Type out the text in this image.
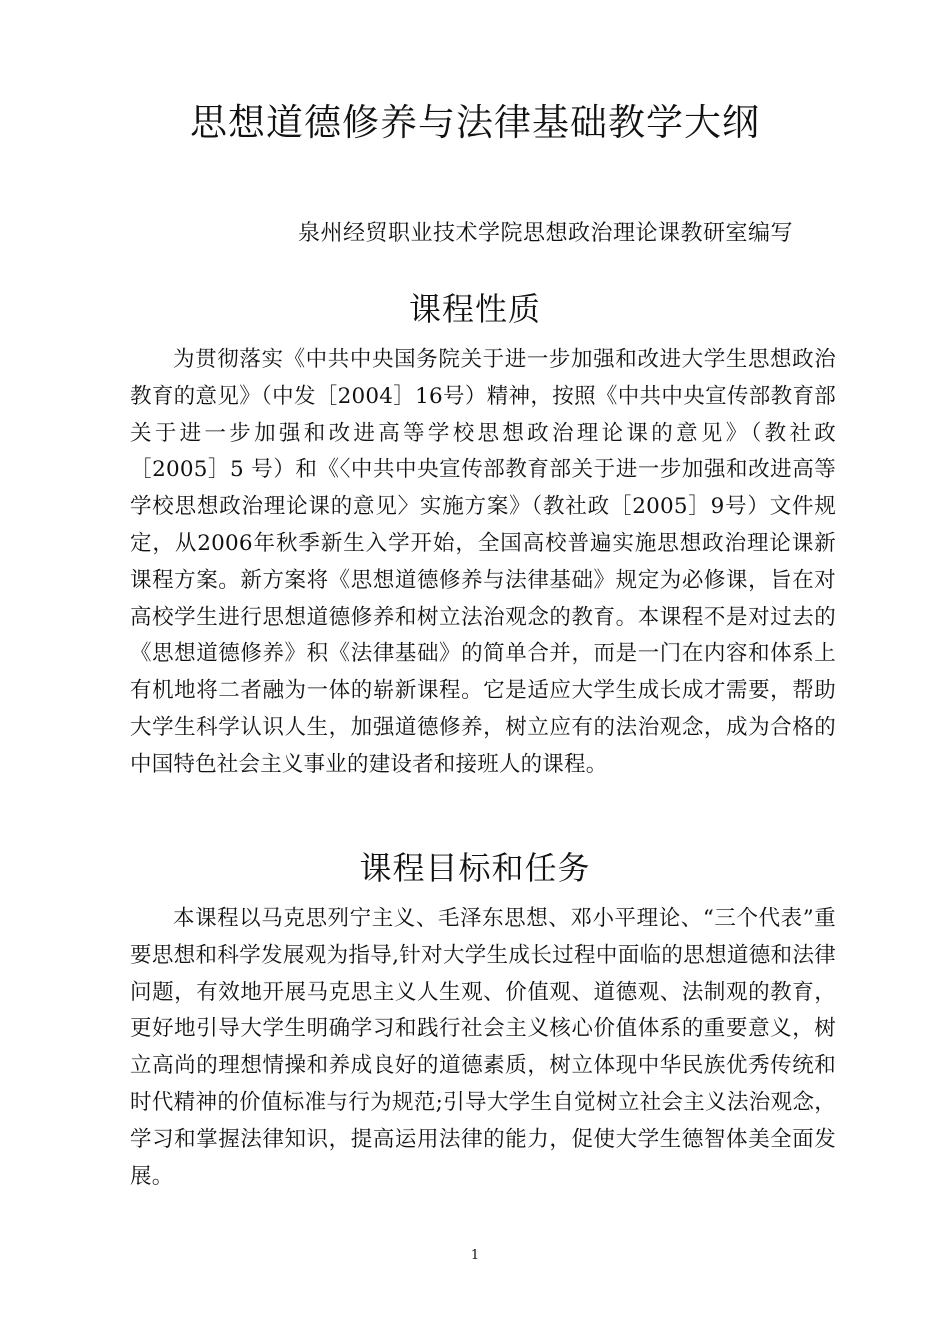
思想道德修养与法律基础教学大纲
泉州经贸职业技术学院思想政治理论课教研室编写
课程性质

为贯彻落实《中共中央国务院关于进一步加强和改进大学生思想政治教育的意见》（中发［2004］16号）精神，按照《中共中央宣传部教育部关于进一步加强和改进高等学校思想政治理论课的意见》（教社政［2005］5 号）和《〈中共中央宣传部教育部关于进一步加强和改进高等学校思想政治理论课的意见〉实施方案》（教社政［2005］9号）文件规定，从2006年秋季新生入学开始，全国高校普遍实施思想政治理论课新课程方案。新方案将《思想道德修养与法律基础》规定为必修课，旨在对高校学生进行思想道德修养和树立法治观念的教育。本课程不是对过去的《思想道德修养》积《法律基础》的简单合并，而是一门在内容和体系上有机地将二者融为一体的崭新课程。它是适应大学生成长成才需要，帮助大学生科学认识人生，加强道德修养，树立应有的法治观念，成为合格的中国特色社会主义事业的建设者和接班人的课程。

课程目标和任务

本课程以马克思列宁主义、毛泽东思想、邓小平理论、“三个代表”重要思想和科学发展观为指导,针对大学生成长过程中面临的思想道德和法律问题，有效地开展马克思主义人生观、价值观、道德观、法制观的教育，更好地引导大学生明确学习和践行社会主义核心价值体系的重要意义，树立高尚的理想情操和养成良好的道德素质，树立体现中华民族优秀传统和时代精神的价值标准与行为规范;引导大学生自觉树立社会主义法治观念，学习和掌握法律知识，提高运用法律的能力，促使大学生德智体美全面发展。

1
